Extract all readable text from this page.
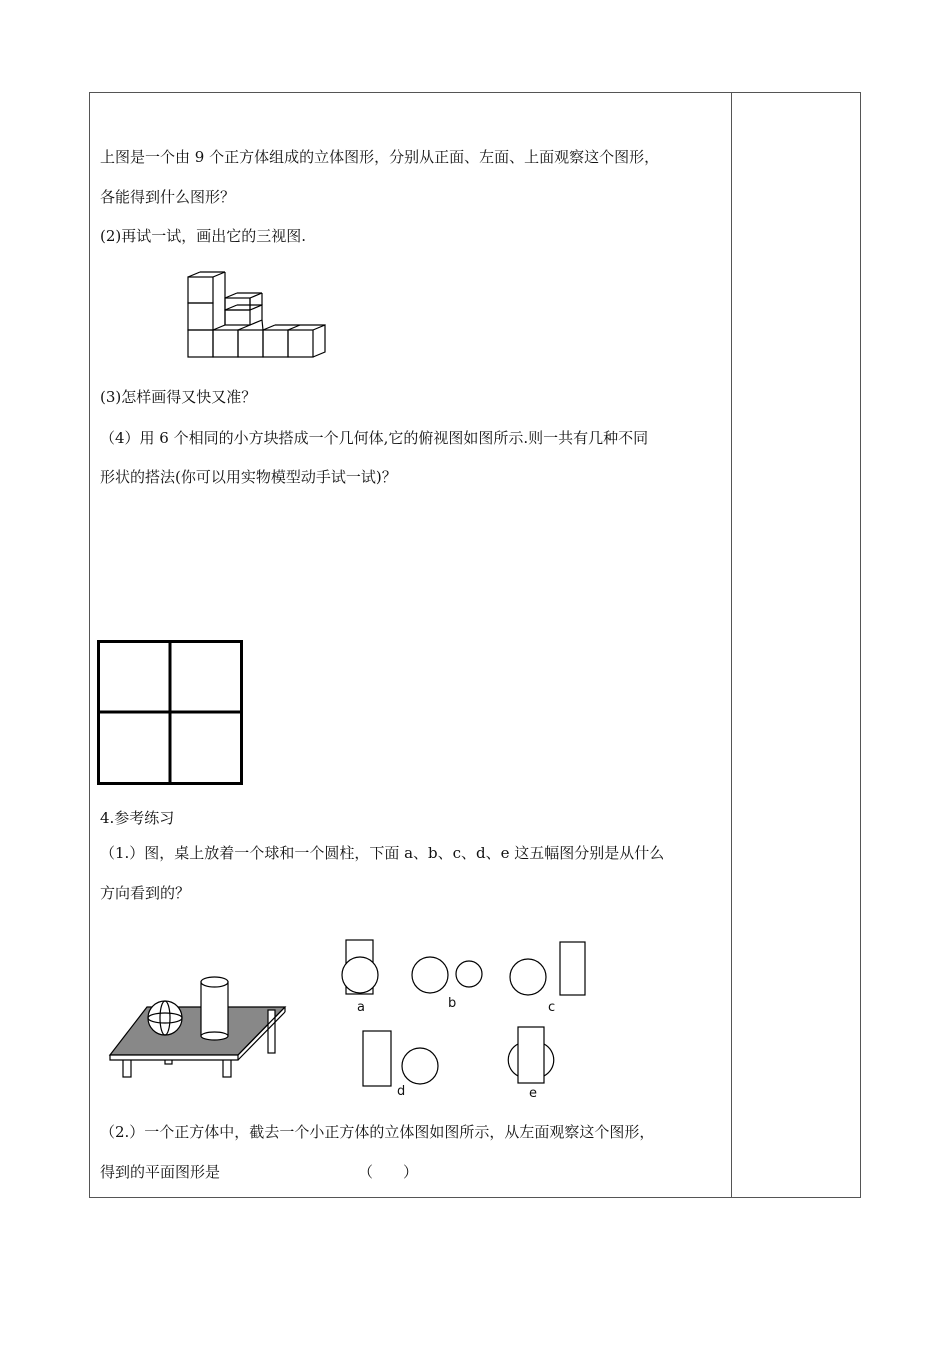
上图是一个由 9 个正方体组成的立体图形，分别从正面、左面、上面观察这个图形，
各能得到什么图形？
(2)再试一试，画出它的三视图.
(3)怎样画得又快又准？
（4）用 6 个相同的小方块搭成一个几何体,它的俯视图如图所示.则一共有几种不同
形状的搭法(你可以用实物模型动手试一试)？
4.参考练习
（1.）图，桌上放着一个球和一个圆柱，下面 a、b、c、d、e 这五幅图分别是从什么
方向看到的？
a	b	c
d	e
（2.）一个正方体中，截去一个小正方体的立体图如图所示，从左面观察这个图形，
得到的平面图形是	（　　）
